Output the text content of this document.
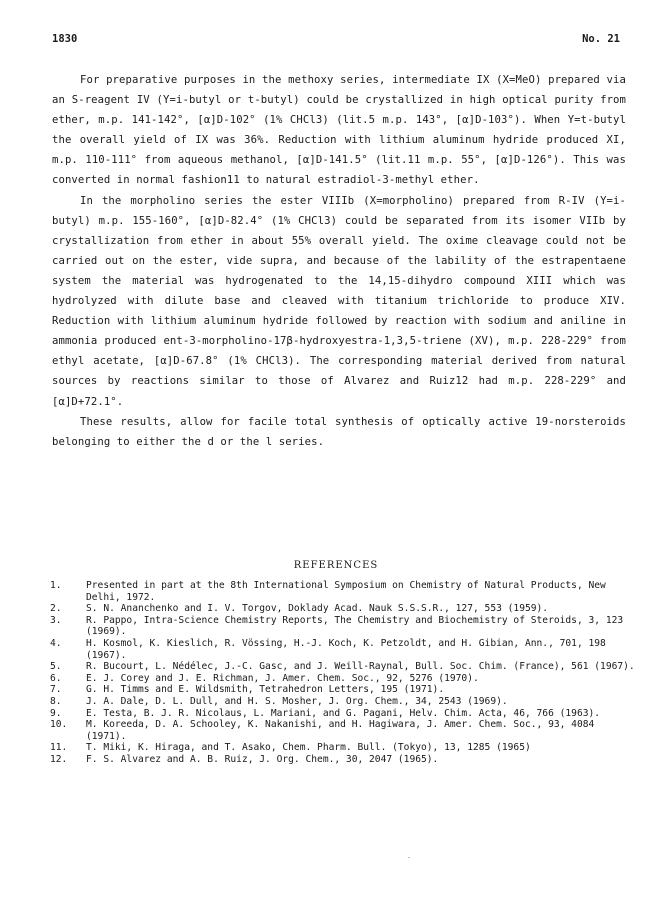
1830	No. 21

For preparative purposes in the methoxy series, intermediate IX (X=MeO) prepared via an S-reagent IV (Y=i-butyl or t-butyl) could be crystallized in high optical purity from ether, m.p. 141-142°, [α]D-102° (1% CHCl3) (lit.5 m.p. 143°, [α]D-103°). When Y=t-butyl the overall yield of IX was 36%. Reduction with lithium aluminum hydride produced XI, m.p. 110-111° from aqueous methanol, [α]D-141.5° (lit.11 m.p. 55°, [α]D-126°). This was converted in normal fashion11 to natural estradiol-3-methyl ether.

In the morpholino series the ester VIIIb (X=morpholino) prepared from R-IV (Y=i-butyl) m.p. 155-160°, [α]D-82.4° (1% CHCl3) could be separated from its isomer VIIb by crystallization from ether in about 55% overall yield. The oxime cleavage could not be carried out on the ester, vide supra, and because of the lability of the estrapentaene system the material was hydrogenated to the 14,15-dihydro compound XIII which was hydrolyzed with dilute base and cleaved with titanium trichloride to produce XIV. Reduction with lithium aluminum hydride followed by reaction with sodium and aniline in ammonia produced ent-3-morpholino-17β-hydroxyestra-1,3,5-triene (XV), m.p. 228-229° from ethyl acetate, [α]D-67.8° (1% CHCl3). The corresponding material derived from natural sources by reactions similar to those of Alvarez and Ruiz12 had m.p. 228-229° and [α]D+72.1°.

These results, allow for facile total synthesis of optically active 19-norsteroids belonging to either the d or the l series.

REFERENCES
1.	Presented in part at the 8th International Symposium on Chemistry of Natural Products, New Delhi, 1972.
2.	S. N. Ananchenko and I. V. Torgov, Doklady Acad. Nauk S.S.S.R., 127, 553 (1959).
3.	R. Pappo, Intra-Science Chemistry Reports, The Chemistry and Biochemistry of Steroids, 3, 123 (1969).
4.	H. Kosmol, K. Kieslich, R. Vössing, H.-J. Koch, K. Petzoldt, and H. Gibian, Ann., 701, 198 (1967).
5.	R. Bucourt, L. Nédélec, J.-C. Gasc, and J. Weill-Raynal, Bull. Soc. Chim. (France), 561 (1967).
6.	E. J. Corey and J. E. Richman, J. Amer. Chem. Soc., 92, 5276 (1970).
7.	G. H. Timms and E. Wildsmith, Tetrahedron Letters, 195 (1971).
8.	J. A. Dale, D. L. Dull, and H. S. Mosher, J. Org. Chem., 34, 2543 (1969).
9.	E. Testa, B. J. R. Nicolaus, L. Mariani, and G. Pagani, Helv. Chim. Acta, 46, 766 (1963).
10.	M. Koreeda, D. A. Schooley, K. Nakanishi, and H. Hagiwara, J. Amer. Chem. Soc., 93, 4084 (1971).
11.	T. Miki, K. Hiraga, and T. Asako, Chem. Pharm. Bull. (Tokyo), 13, 1285 (1965)
12.	F. S. Alvarez and A. B. Ruiz, J. Org. Chem., 30, 2047 (1965).
